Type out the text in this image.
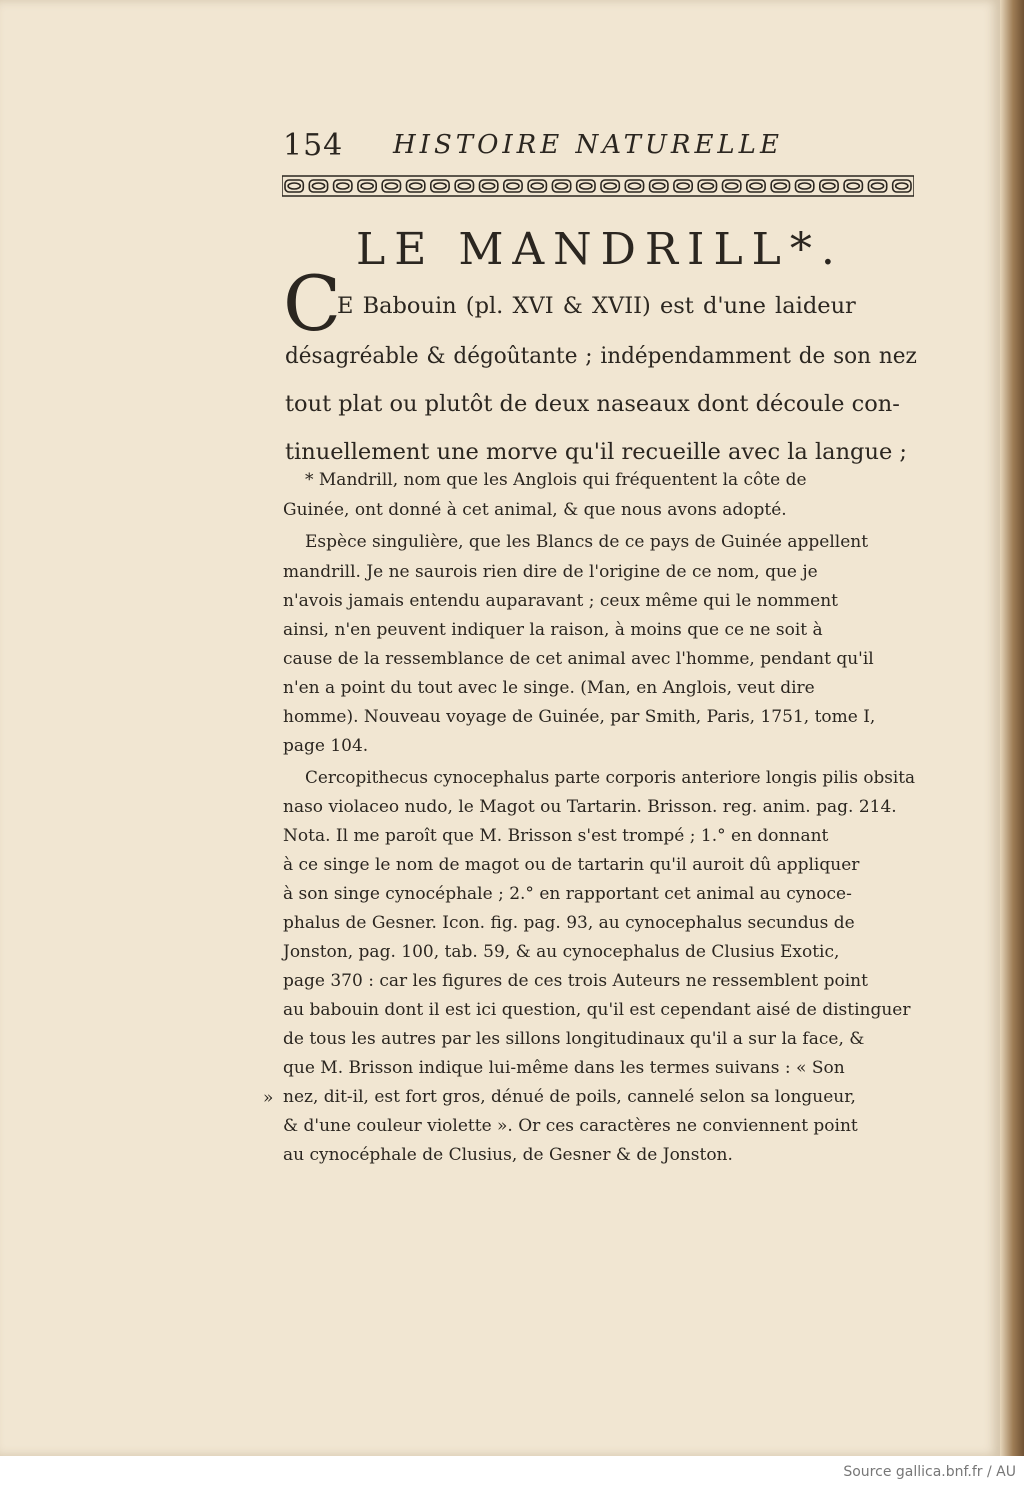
154 HISTOIRE NATURELLE
LE MANDRILL*.
C
E Babouin (pl. XVI & XVII) est d'une laideur
désagréable & dégoûtante ; indépendamment de son nez
tout plat ou plutôt de deux naseaux dont découle con-
tinuellement une morve qu'il recueille avec la langue ;
* Mandrill, nom que les Anglois qui fréquentent la côte de
Guinée, ont donné à cet animal, & que nous avons adopté.
Espèce singulière, que les Blancs de ce pays de Guinée appellent
mandrill. Je ne saurois rien dire de l'origine de ce nom, que je
n'avois jamais entendu auparavant ; ceux même qui le nomment
ainsi, n'en peuvent indiquer la raison, à moins que ce ne soit à
cause de la ressemblance de cet animal avec l'homme, pendant qu'il
n'en a point du tout avec le singe. (Man, en Anglois, veut dire
homme). Nouveau voyage de Guinée, par Smith, Paris, 1751, tome I,
page 104.
Cercopithecus cynocephalus parte corporis anteriore longis pilis obsita
naso violaceo nudo, le Magot ou Tartarin. Brisson. reg. anim. pag. 214.
Nota. Il me paroît que M. Brisson s'est trompé ; 1.° en donnant
à ce singe le nom de magot ou de tartarin qu'il auroit dû appliquer
à son singe cynocéphale ; 2.° en rapportant cet animal au cynoce-
phalus de Gesner. Icon. fig. pag. 93, au cynocephalus secundus de
Jonston, pag. 100, tab. 59, & au cynocephalus de Clusius Exotic,
page 370 : car les figures de ces trois Auteurs ne ressemblent point
au babouin dont il est ici question, qu'il est cependant aisé de distinguer
de tous les autres par les sillons longitudinaux qu'il a sur la face, &
que M. Brisson indique lui-même dans les termes suivans : « Son
» nez, dit-il, est fort gros, dénué de poils, cannelé selon sa longueur,
& d'une couleur violette ». Or ces caractères ne conviennent point
au cynocéphale de Clusius, de Gesner & de Jonston.
Source gallica.bnf.fr / AU
